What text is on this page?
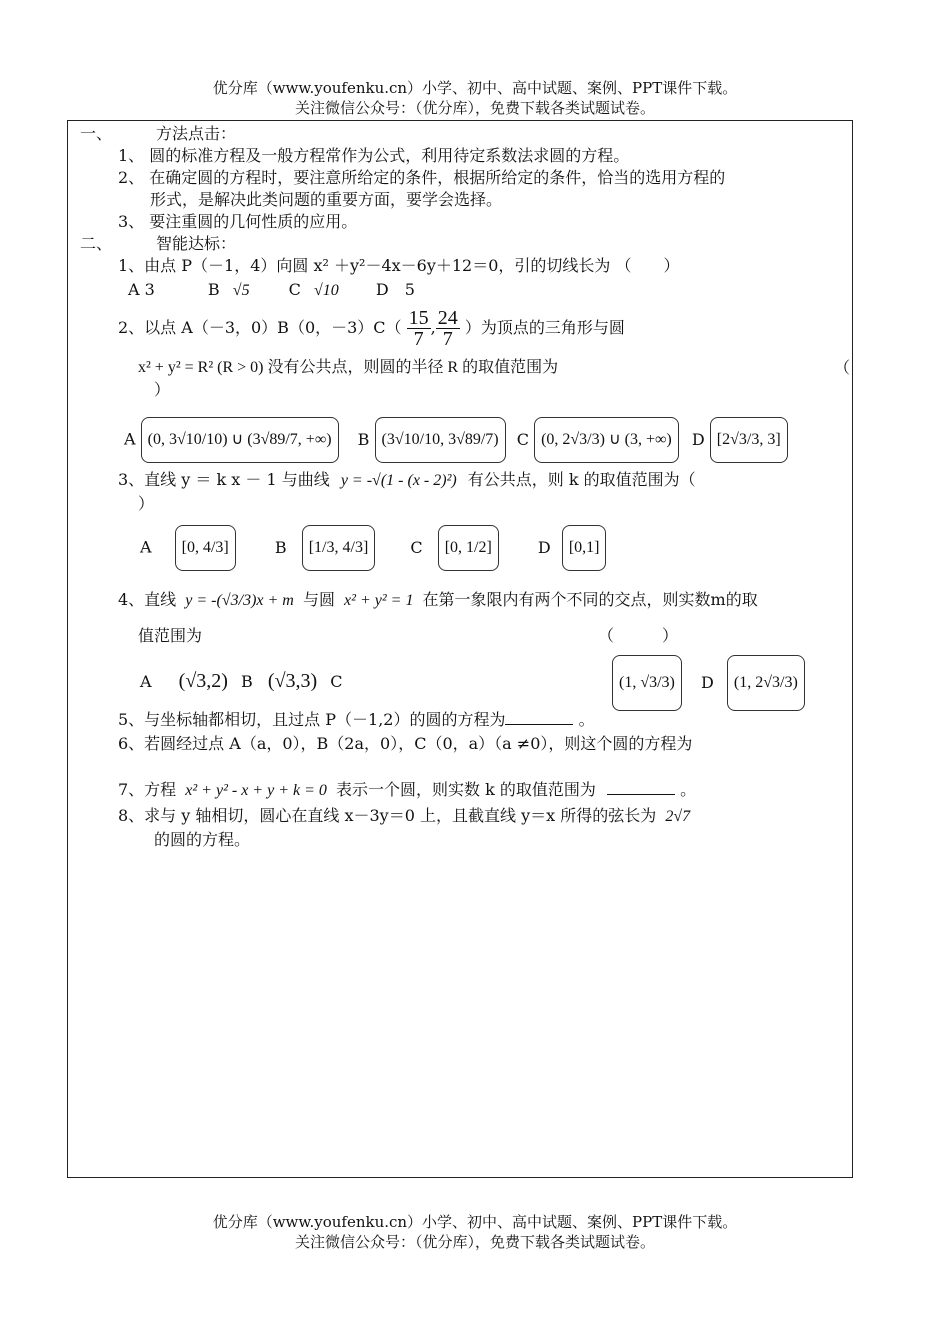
优分库（www.youfenku.cn）小学、初中、高中试题、案例、PPT课件下载。
关注微信公众号：（优分库），免费下载各类试题试卷。
一、	方法点击：
1、 圆的标准方程及一般方程常作为公式，利用待定系数法求圆的方程。
2、 在确定圆的方程时，要注意所给定的条件，根据所给定的条件，恰当的选用方程的
形式，是解决此类问题的重要方面，要学会选择。
3、 要注重圆的几何性质的应用。
二、	智能达标：
1、由点 P（－1，4）向圆 x² ＋y²－4x－6y＋12＝0，引的切线长为 （　　）
A 3	B √5 C √10 D　5
2、以点 A（－3，0）B（0，$-3)C( \frac{15}{7}$ , $\frac{24}{7}$ ）为顶点的三角形与圆
x² + y² = R² (R > 0) 没有公共点，则圆的半径 R 的取值范围为	（
）
A (0, 3√10/10) ∪ (3√89/7, +∞) B (3√10/10, 3√89/7) C (0, 2√3/3) ∪ (3, +∞) D [2√3/3, 3]
3、直线 y ＝ k x － 1 与曲线 y = -√(1 - (x - 2)²) 有公共点，则 k 的取值范围为（
）
A [0, 4/3]	B [1/3, 4/3]	C [0, 1/2]	D [0,1]
4、直线 y = -(√3/3)x + m 与圆 x² + y² = 1 在第一象限内有两个不同的交点，则实数m的取
值范围为	（　　　）
A (√3,2) B (√3,3) C	(1, √3/3) D (1, 2√3/3)
5、与坐标轴都相切，且过点 P（－1,2）的圆的方程为	。
6、若圆经过点 A（a，0），B（2a，0），C（0，a）（a ≠0），则这个圆的方程为
7、方程 x² + y² - x + y + k = 0 表示一个圆，则实数 k 的取值范围为	。
8、求与 y 轴相切，圆心在直线 x－3y＝0 上，且截直线 y＝x 所得的弦长为 2√7
的圆的方程。
优分库（www.youfenku.cn）小学、初中、高中试题、案例、PPT课件下载。
关注微信公众号：（优分库），免费下载各类试题试卷。
